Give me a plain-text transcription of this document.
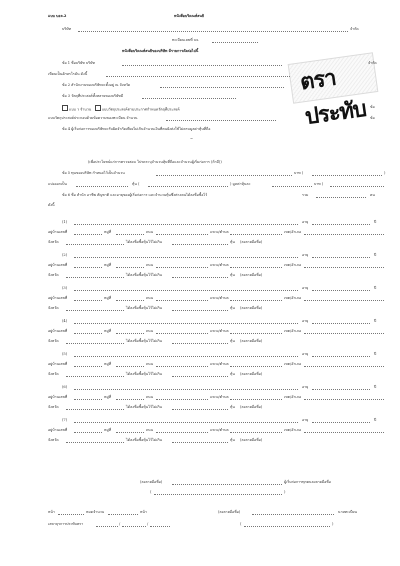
แบบ บอจ.2	หนังสือบริคณห์สนธิ
บริษัท	จำกัด
ทะเบียนเลขที่ บจ.
หนังสือบริคณห์สนธิของบริษัท มีรายการดังต่อไปนี้
ตราประทับ
ข้อ 1 ชื่อบริษัท บริษัท	จำกัด
เขียนเป็นอักษรโรมัน ดังนี้
ข้อ 2 สำนักงานของบริษัทจะตั้งอยู่ ณ จังหวัด
ข้อ 3 วัตถุที่ประสงค์ทั้งหลายของบริษัทมี
แบบ ว จำนวน	แบบวัตถุประสงค์ตามประกาศกำหนดวัตถุที่ประสงค์
ข้อ
แบบวัตถุประสงค์ประกอบด้วยข้อความของทะเบียน จำนวน	ข้อ
ข้อ 4 ผู้เริ่มก่อการของบริษัทจะรับผิดจำกัดเพียงไม่เกินจำนวนเงินที่ตนยังส่งใช้ไม่ครบมูลค่าหุ้นที่ถือ
~
(เพื่อประโยชน์แก่การตรวจสอบ โปรดระบุจำนวนหุ้นที่ถือและจำนวนผู้เริ่มก่อการ (ถ้ามี))
ข้อ 5 ทุนของบริษัท กำหนดไว้เป็นจำนวน	บาท (	)
แบ่งออกเป็น	หุ้น (	) มูลค่าหุ้นละ	บาท (
ข้อ 6 ชื่อ สำนัก อาชีพ สัญชาติ และอายุของผู้เริ่มก่อการ และจำนวนหุ้นซึ่งต่างคนได้ลงชื่อซื้อไว้	รวม	คน
ดังนี้
(1)	อายุ	ปี
อยู่บ้านเลขที่	หมู่ที่	ถนน	แขวง/ตำบล	เขต/อำเภอ
จังหวัด	ได้ลงชื่อซื้อหุ้นไว้ไม่เกิน	หุ้น (ลงลายมือชื่อ)
(2)	อายุ	ปี
อยู่บ้านเลขที่	หมู่ที่	ถนน	แขวง/ตำบล	เขต/อำเภอ
จังหวัด	ได้ลงชื่อซื้อหุ้นไว้ไม่เกิน	หุ้น (ลงลายมือชื่อ)
(3)	อายุ	ปี
อยู่บ้านเลขที่	หมู่ที่	ถนน	แขวง/ตำบล	เขต/อำเภอ
จังหวัด	ได้ลงชื่อซื้อหุ้นไว้ไม่เกิน	หุ้น (ลงลายมือชื่อ)
(4)	อายุ	ปี
อยู่บ้านเลขที่	หมู่ที่	ถนน	แขวง/ตำบล	เขต/อำเภอ
จังหวัด	ได้ลงชื่อซื้อหุ้นไว้ไม่เกิน	หุ้น (ลงลายมือชื่อ)
(5)	อายุ	ปี
อยู่บ้านเลขที่	หมู่ที่	ถนน	แขวง/ตำบล	เขต/อำเภอ
จังหวัด	ได้ลงชื่อซื้อหุ้นไว้ไม่เกิน	หุ้น (ลงลายมือชื่อ)
(6)	อายุ	ปี
อยู่บ้านเลขที่	หมู่ที่	ถนน	แขวง/ตำบล	เขต/อำเภอ
จังหวัด	ได้ลงชื่อซื้อหุ้นไว้ไม่เกิน	หุ้น (ลงลายมือชื่อ)
(7)	อายุ	ปี
อยู่บ้านเลขที่	หมู่ที่	ถนน	แขวง/ตำบล	เขต/อำเภอ
จังหวัด	ได้ลงชื่อซื้อหุ้นไว้ไม่เกิน	หุ้น (ลงลายมือชื่อ)
(ลงลายมือชื่อ)	ผู้เริ่มก่อการทุกคนลงลายมือชื่อ
(	)
หน้า	หมดจำนวน	หน้า	(ลงลายมือชื่อ)	นายทะเบียน
เลขาธุรการประทับตรา	/	/	(	)
